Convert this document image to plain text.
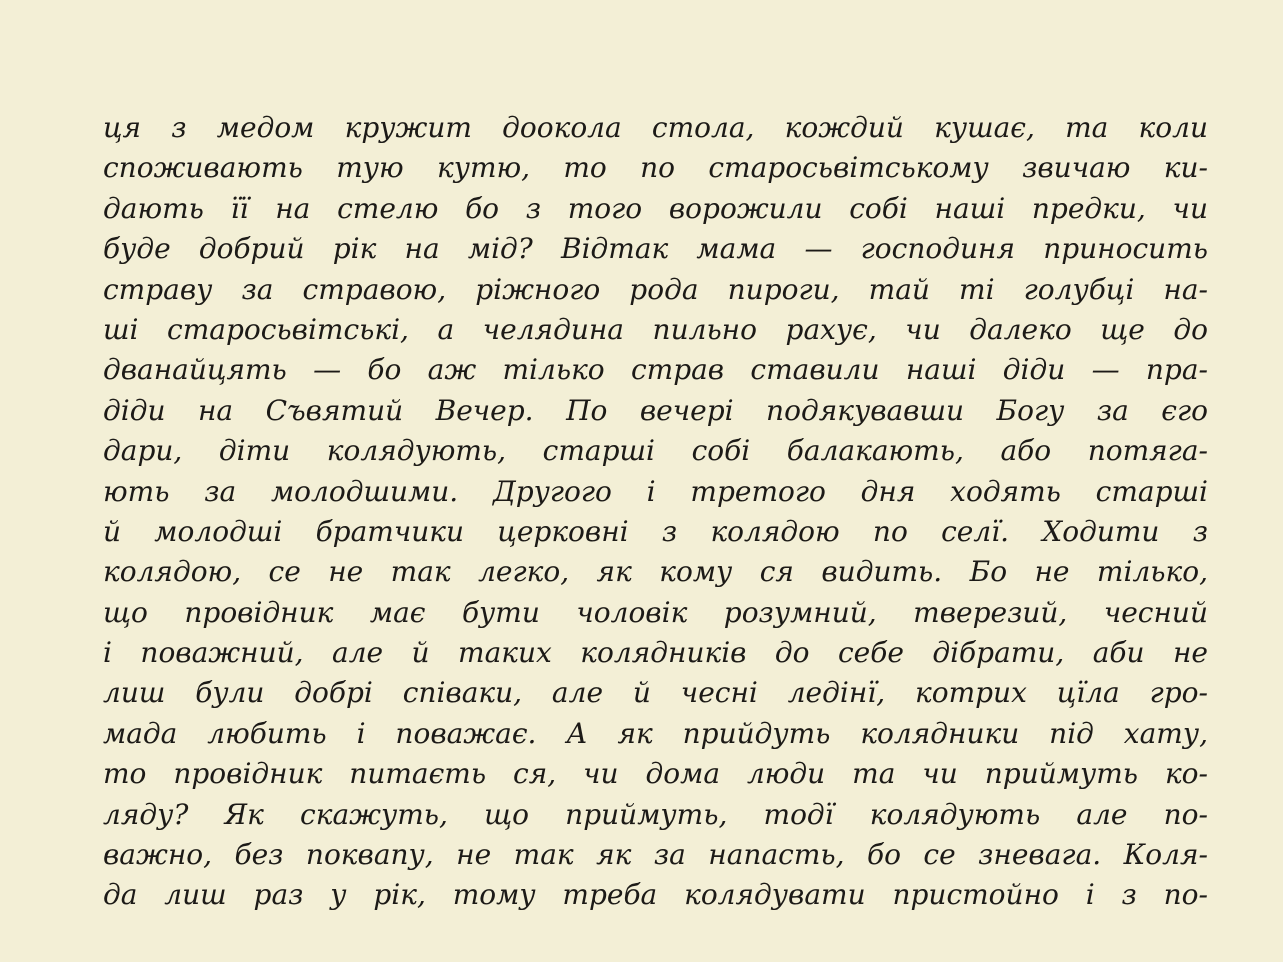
ця з медом кружит доокола стола, кождий кушає, та коли
споживають тую кутю, то по старосьвітському звичаю ки-
дають її на стелю бо з того ворожили собі наші предки, чи
буде добрий рік на мід? Відтак мама — господиня приносить
страву за стравою, ріжного рода пироги, тай ті голубці на-
ші старосьвітські, а челядина пильно рахує, чи далеко ще до
дванайцять — бо аж тілько страв ставили наші діди — пра-
діди на Съвятий Вечер. По вечері подякувавши Богу за єго
дари, діти колядують, старші собі балакають, або потяга-
ють за молодшими. Другого і третого дня ходять старші
й молодші братчики церковні з колядою по селї. Ходити з
колядою, се не так легко, як кому ся видить. Бо не тілько,
що провідник має бути чоловік розумний, тверезий, чесний
і поважний, але й таких колядників до себе дібрати, аби не
лиш були добрі співаки, але й чесні ледінї, котрих цїла гро-
мада любить і поважає. А як прийдуть колядники під хату,
то провідник питаєть ся, чи дома люди та чи приймуть ко-
ляду? Як скажуть, що приймуть, тодї колядують але по-
важно, без поквапу, не так як за напасть, бо се зневага. Коля-
да лиш раз у рік, тому треба колядувати пристойно і з по-
